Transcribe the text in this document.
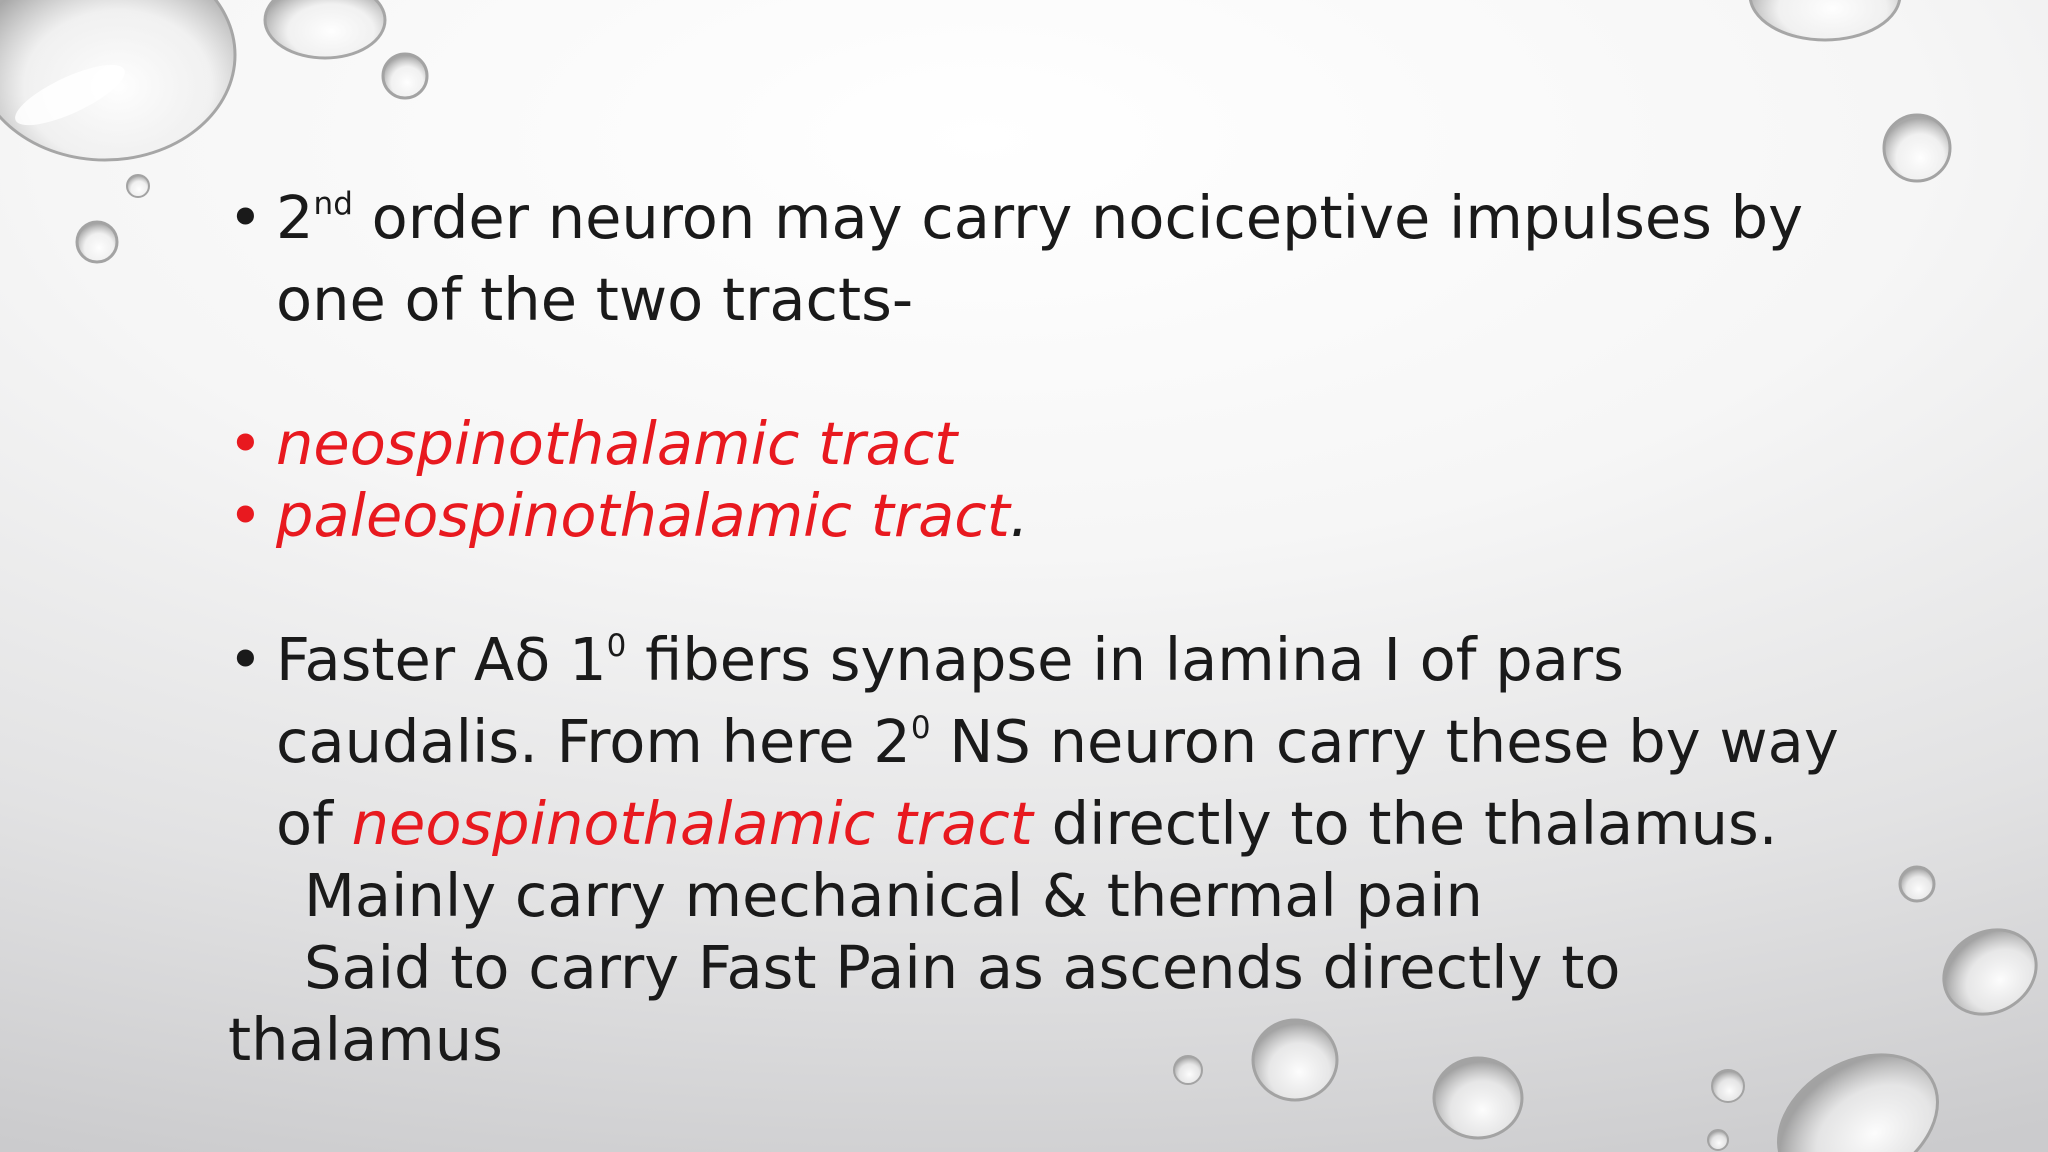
• 2nd order neuron may carry nociceptive impulses by
one of the two tracts-
• neospinothalamic tract
• paleospinothalamic tract.
• Faster Aδ $1^0$ fibers synapse in lamina I of pars
caudalis. From here $2^0$ NS neuron carry these by way
of neospinothalamic tract directly to the thalamus.
Mainly carry mechanical & thermal pain
Said to carry Fast Pain as ascends directly to
thalamus
